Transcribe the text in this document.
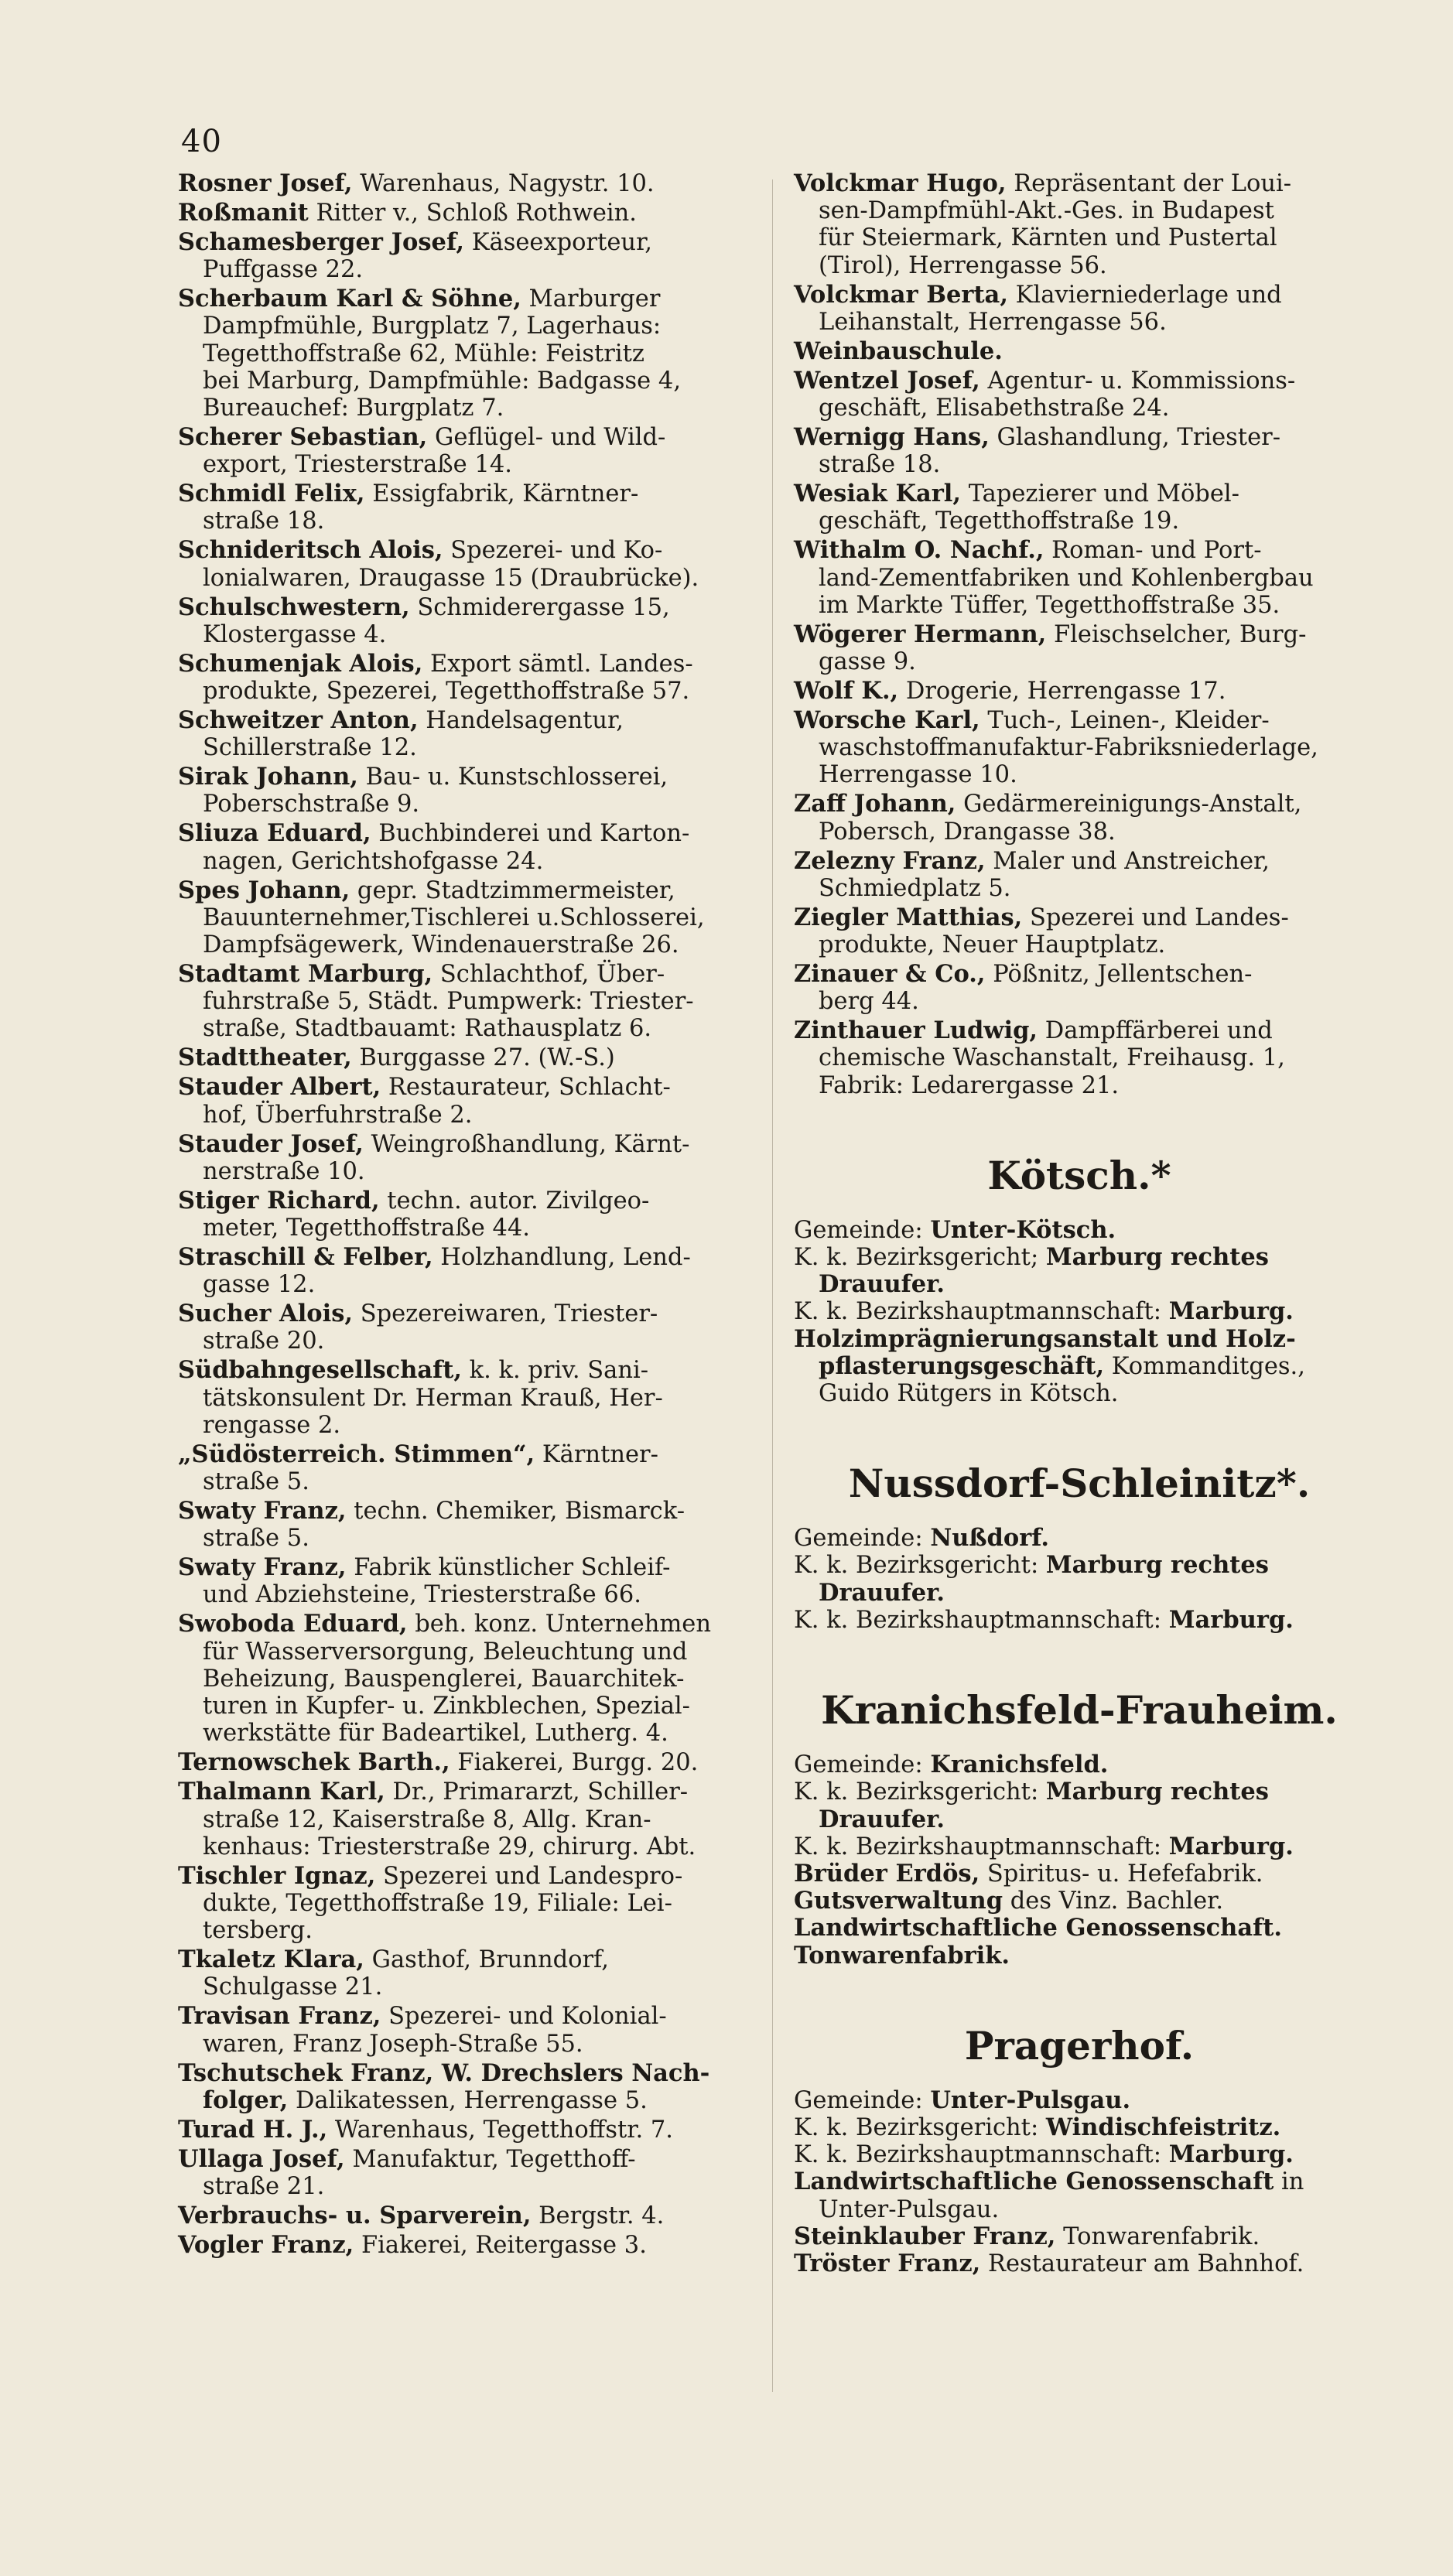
40
Rosner Josef, Warenhaus, Nagystr. 10.
Roßmanit Ritter v., Schloß Rothwein.
Schamesberger Josef, Käseexporteur,
Puffgasse 22.
Scherbaum Karl & Söhne, Marburger
Dampfmühle, Burgplatz 7, Lagerhaus:
Tegetthoffstraße 62, Mühle: Feistritz
bei Marburg, Dampfmühle: Badgasse 4,
Bureauchef: Burgplatz 7.
Scherer Sebastian, Geflügel- und Wild-
export, Triesterstraße 14.
Schmidl Felix, Essigfabrik, Kärntner-
straße 18.
Schnideritsch Alois, Spezerei- und Ko-
lonialwaren, Draugasse 15 (Draubrücke).
Schulschwestern, Schmiderergasse 15,
Klostergasse 4.
Schumenjak Alois, Export sämtl. Landes-
produkte, Spezerei, Tegetthoffstraße 57.
Schweitzer Anton, Handelsagentur,
Schillerstraße 12.
Sirak Johann, Bau- u. Kunstschlosserei,
Poberschstraße 9.
Sliuza Eduard, Buchbinderei und Karton-
nagen, Gerichtshofgasse 24.
Spes Johann, gepr. Stadtzimmermeister,
Bauunternehmer,Tischlerei u.Schlosserei,
Dampfsägewerk, Windenauerstraße 26.
Stadtamt Marburg, Schlachthof, Über-
fuhrstraße 5, Städt. Pumpwerk: Triester-
straße, Stadtbauamt: Rathausplatz 6.
Stadttheater, Burggasse 27. (W.-S.)
Stauder Albert, Restaurateur, Schlacht-
hof, Überfuhrstraße 2.
Stauder Josef, Weingroßhandlung, Kärnt-
nerstraße 10.
Stiger Richard, techn. autor. Zivilgeo-
meter, Tegetthoffstraße 44.
Straschill & Felber, Holzhandlung, Lend-
gasse 12.
Sucher Alois, Spezereiwaren, Triester-
straße 20.
Südbahngesellschaft, k. k. priv. Sani-
tätskonsulent Dr. Herman Krauß, Her-
rengasse 2.
„Südösterreich. Stimmen“, Kärntner-
straße 5.
Swaty Franz, techn. Chemiker, Bismarck-
straße 5.
Swaty Franz, Fabrik künstlicher Schleif-
und Abziehsteine, Triesterstraße 66.
Swoboda Eduard, beh. konz. Unternehmen
für Wasserversorgung, Beleuchtung und
Beheizung, Bauspenglerei, Bauarchitek-
turen in Kupfer- u. Zinkblechen, Spezial-
werkstätte für Badeartikel, Lutherg. 4.
Ternowschek Barth., Fiakerei, Burgg. 20.
Thalmann Karl, Dr., Primararzt, Schiller-
straße 12, Kaiserstraße 8, Allg. Kran-
kenhaus: Triesterstraße 29, chirurg. Abt.
Tischler Ignaz, Spezerei und Landespro-
dukte, Tegetthoffstraße 19, Filiale: Lei-
tersberg.
Tkaletz Klara, Gasthof, Brunndorf,
Schulgasse 21.
Travisan Franz, Spezerei- und Kolonial-
waren, Franz Joseph-Straße 55.
Tschutschek Franz, W. Drechslers Nach-
folger, Dalikatessen, Herrengasse 5.
Turad H. J., Warenhaus, Tegetthoffstr. 7.
Ullaga Josef, Manufaktur, Tegetthoff-
straße 21.
Verbrauchs- u. Sparverein, Bergstr. 4.
Vogler Franz, Fiakerei, Reitergasse 3.
Volckmar Hugo, Repräsentant der Loui-
sen-Dampfmühl-Akt.-Ges. in Budapest
für Steiermark, Kärnten und Pustertal
(Tirol), Herrengasse 56.
Volckmar Berta, Klavierniederlage und
Leihanstalt, Herrengasse 56.
Weinbauschule.
Wentzel Josef, Agentur- u. Kommissions-
geschäft, Elisabethstraße 24.
Wernigg Hans, Glashandlung, Triester-
straße 18.
Wesiak Karl, Tapezierer und Möbel-
geschäft, Tegetthoffstraße 19.
Withalm O. Nachf., Roman- und Port-
land-Zementfabriken und Kohlenbergbau
im Markte Tüffer, Tegetthoffstraße 35.
Wögerer Hermann, Fleischselcher, Burg-
gasse 9.
Wolf K., Drogerie, Herrengasse 17.
Worsche Karl, Tuch-, Leinen-, Kleider-
waschstoffmanufaktur-Fabriksniederlage,
Herrengasse 10.
Zaff Johann, Gedärmereinigungs-Anstalt,
Pobersch, Drangasse 38.
Zelezny Franz, Maler und Anstreicher,
Schmiedplatz 5.
Ziegler Matthias, Spezerei und Landes-
produkte, Neuer Hauptplatz.
Zinauer & Co., Pößnitz, Jellentschen-
berg 44.
Zinthauer Ludwig, Dampffärberei und
chemische Waschanstalt, Freihausg. 1,
Fabrik: Ledarergasse 21.
Kötsch.*
Gemeinde: Unter-Kötsch.
K. k. Bezirksgericht; Marburg rechtes
Drauufer.
K. k. Bezirkshauptmannschaft: Marburg.
Holzimprägnierungsanstalt und Holz-
pflasterungsgeschäft, Kommanditges.,
Guido Rütgers in Kötsch.
Nussdorf-Schleinitz*.
Gemeinde: Nußdorf.
K. k. Bezirksgericht: Marburg rechtes
Drauufer.
K. k. Bezirkshauptmannschaft: Marburg.
Kranichsfeld-Frauheim.
Gemeinde: Kranichsfeld.
K. k. Bezirksgericht: Marburg rechtes
Drauufer.
K. k. Bezirkshauptmannschaft: Marburg.
Brüder Erdös, Spiritus- u. Hefefabrik.
Gutsverwaltung des Vinz. Bachler.
Landwirtschaftliche Genossenschaft.
Tonwarenfabrik.
Pragerhof.
Gemeinde: Unter-Pulsgau.
K. k. Bezirksgericht: Windischfeistritz.
K. k. Bezirkshauptmannschaft: Marburg.
Landwirtschaftliche Genossenschaft in
Unter-Pulsgau.
Steinklauber Franz, Tonwarenfabrik.
Tröster Franz, Restaurateur am Bahnhof.
